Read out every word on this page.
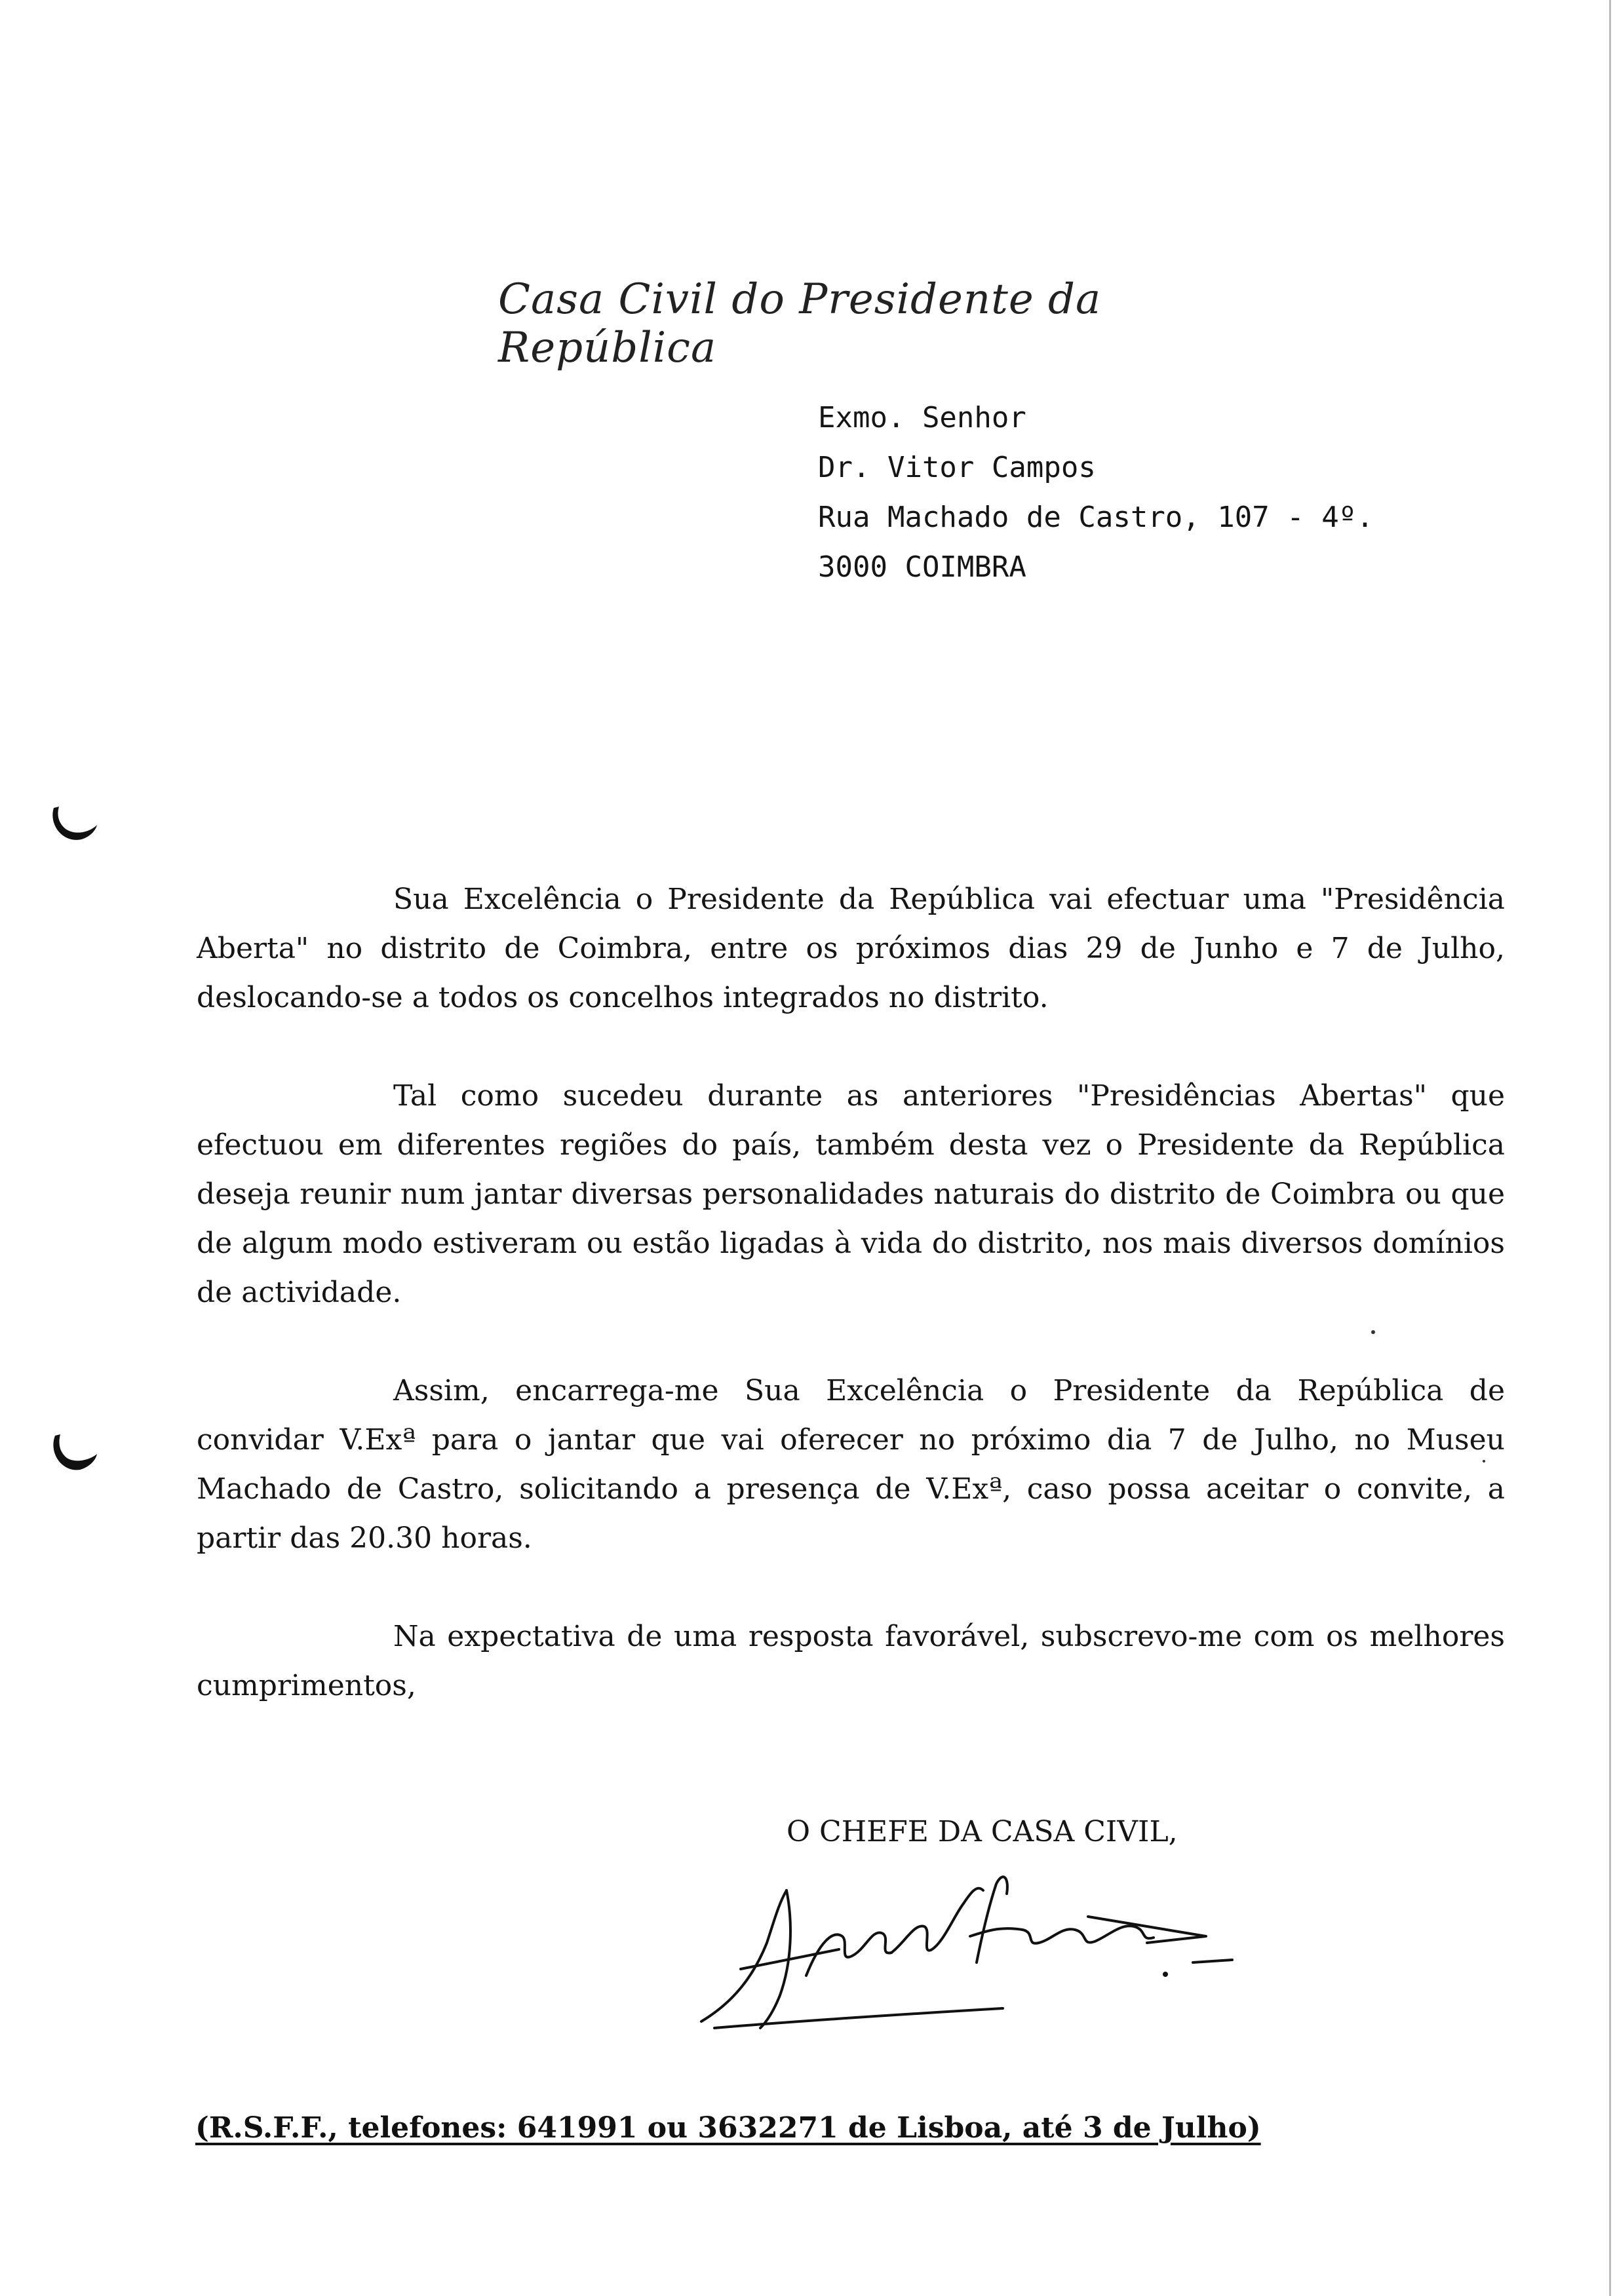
Casa Civil do Presidente da República
Exmo. Senhor
Dr. Vitor Campos
Rua Machado de Castro, 107 - 4º.
3000 COIMBRA

Sua Excelência o Presidente da República vai efectuar uma "Presidência Aberta" no distrito de Coimbra, entre os próximos dias 29 de Junho e 7 de Julho, deslocando-se a todos os concelhos integrados no distrito.

Tal como sucedeu durante as anteriores "Presidências Abertas" que efectuou em diferentes regiões do país, também desta vez o Presidente da República deseja reunir num jantar diversas personalidades naturais do distrito de Coimbra ou que de algum modo estiveram ou estão ligadas à vida do distrito, nos mais diversos domínios de actividade.

Assim, encarrega-me Sua Excelência o Presidente da República de convidar V.Exª para o jantar que vai oferecer no próximo dia 7 de Julho, no Museu Machado de Castro, solicitando a presença de V.Exª, caso possa aceitar o convite, a partir das 20.30 horas.

Na expectativa de uma resposta favorável, subscrevo-me com os melhores cumprimentos,

O CHEFE DA CASA CIVIL,
(R.S.F.F., telefones: 641991 ou 3632271 de Lisboa, até 3 de Julho)
